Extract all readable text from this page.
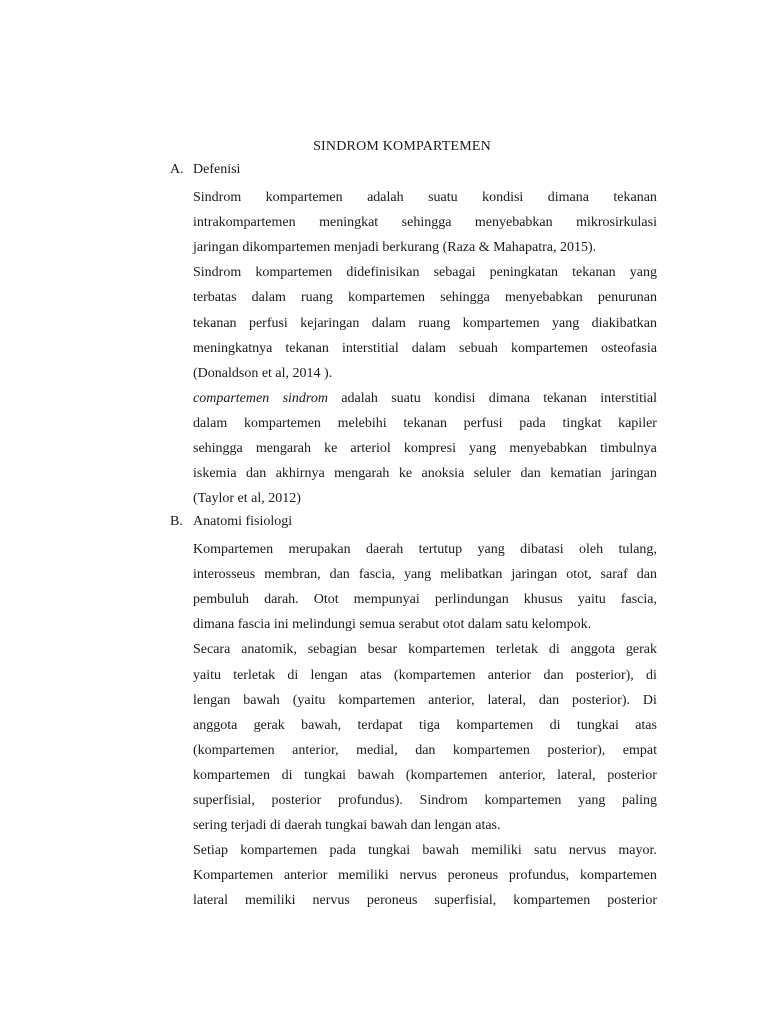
SINDROM KOMPARTEMEN
A. Defenisi
Sindrom kompartemen adalah suatu kondisi dimana tekanan
intrakompartemen meningkat sehingga menyebabkan mikrosirkulasi
jaringan dikompartemen menjadi berkurang (Raza & Mahapatra, 2015).
Sindrom kompartemen didefinisikan sebagai peningkatan tekanan yang
terbatas dalam ruang kompartemen sehingga menyebabkan penurunan
tekanan perfusi kejaringan dalam ruang kompartemen yang diakibatkan
meningkatnya tekanan interstitial dalam sebuah kompartemen osteofasia
(Donaldson et al, 2014 ).
compartemen sindrom adalah suatu kondisi dimana tekanan interstitial
dalam kompartemen melebihi tekanan perfusi pada tingkat kapiler
sehingga mengarah ke arteriol kompresi yang menyebabkan timbulnya
iskemia dan akhirnya mengarah ke anoksia seluler dan kematian jaringan
(Taylor et al, 2012)
B. Anatomi fisiologi
Kompartemen merupakan daerah tertutup yang dibatasi oleh tulang,
interosseus membran, dan fascia, yang melibatkan jaringan otot, saraf dan
pembuluh darah. Otot mempunyai perlindungan khusus yaitu fascia,
dimana fascia ini melindungi semua serabut otot dalam satu kelompok.
Secara anatomik, sebagian besar kompartemen terletak di anggota gerak
yaitu terletak di lengan atas (kompartemen anterior dan posterior), di
lengan bawah (yaitu kompartemen anterior, lateral, dan posterior). Di
anggota gerak bawah, terdapat tiga kompartemen di tungkai atas
(kompartemen anterior, medial, dan kompartemen posterior), empat
kompartemen di tungkai bawah (kompartemen anterior, lateral, posterior
superfisial, posterior profundus). Sindrom kompartemen yang paling
sering terjadi di daerah tungkai bawah dan lengan atas.
Setiap kompartemen pada tungkai bawah memiliki satu nervus mayor.
Kompartemen anterior memiliki nervus peroneus profundus, kompartemen
lateral memiliki nervus peroneus superfisial, kompartemen posterior
